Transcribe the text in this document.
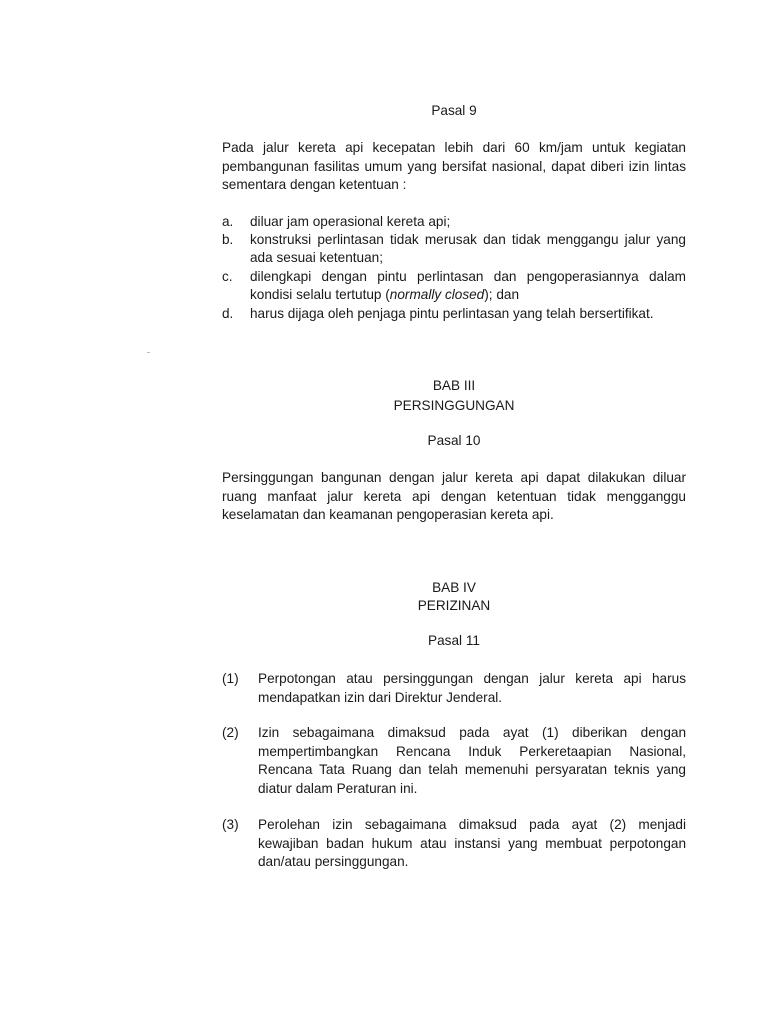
Pasal 9

Pada jalur kereta api kecepatan lebih dari 60 km/jam untuk kegiatan pembangunan fasilitas umum yang bersifat nasional, dapat diberi izin lintas sementara dengan ketentuan :

a. diluar jam operasional kereta api;
b. konstruksi perlintasan tidak merusak dan tidak menggangu jalur yang ada sesuai ketentuan;
c. dilengkapi dengan pintu perlintasan dan pengoperasiannya dalam kondisi selalu tertutup (normally closed); dan
d. harus dijaga oleh penjaga pintu perlintasan yang telah bersertifikat.

BAB III

PERSINGGUNGAN

Pasal 10

Persinggungan bangunan dengan jalur kereta api dapat dilakukan diluar ruang manfaat jalur kereta api dengan ketentuan tidak mengganggu keselamatan dan keamanan pengoperasian kereta api.

BAB IV

PERIZINAN

Pasal 11

(1) Perpotongan atau persinggungan dengan jalur kereta api harus mendapatkan izin dari Direktur Jenderal.
(2) Izin sebagaimana dimaksud pada ayat (1) diberikan dengan mempertimbangkan Rencana Induk Perkeretaapian Nasional, Rencana Tata Ruang dan telah memenuhi persyaratan teknis yang diatur dalam Peraturan ini.
(3) Perolehan izin sebagaimana dimaksud pada ayat (2) menjadi kewajiban badan hukum atau instansi yang membuat perpotongan dan/atau persinggungan.
